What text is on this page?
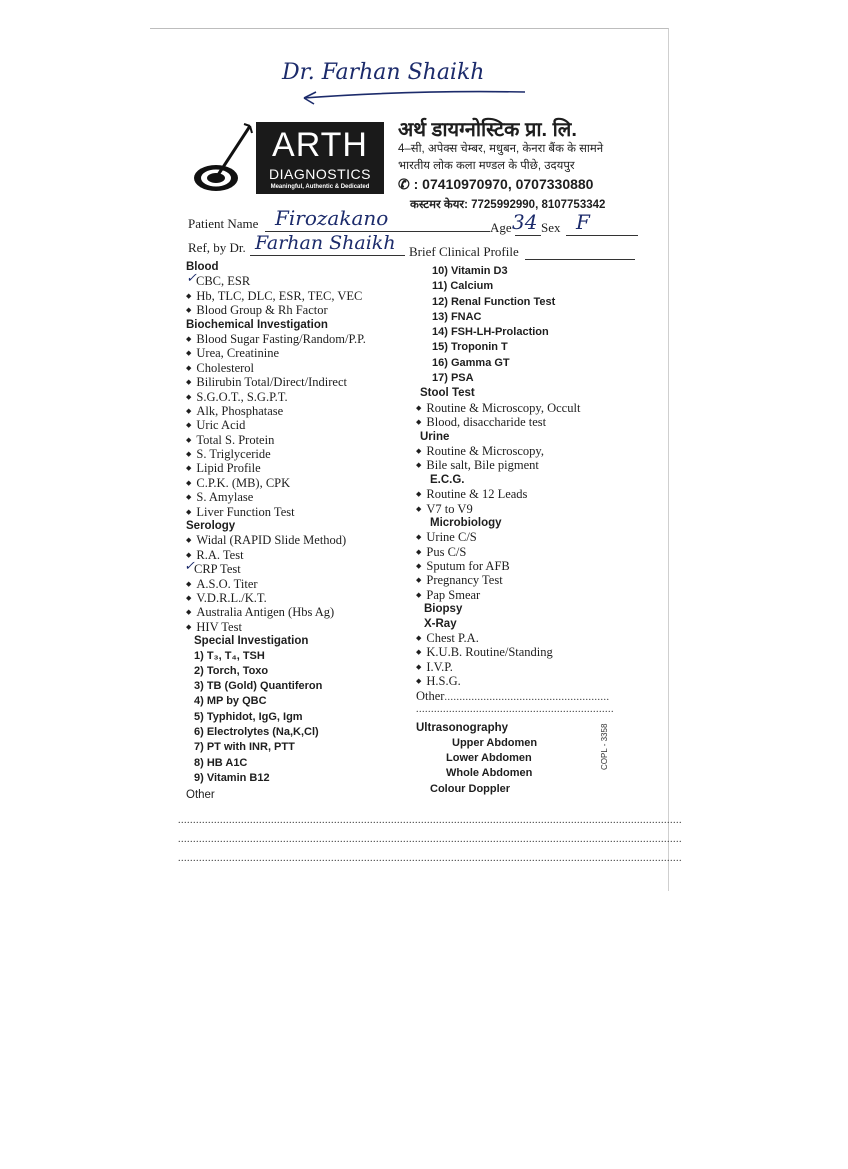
Dr. Farhan Shaikh
ARTH
DIAGNOSTICS
Meaningful, Authentic & Dedicated
अर्थ डायग्नोस्टिक प्रा. लि.
4–सी, अपेक्स चेम्बर, मधुबन, केनरा बैंक के सामने
भारतीय लोक कला मण्डल के पीछे, उदयपुर
✆ : 07410970970, 0707330880
कस्टमर केयर: 7725992990, 8107753342
Patient Name Firozakano	Age 34 Sex F
Ref, by Dr. Farhan Shaikh Brief Clinical Profile
Blood
✓ CBC, ESR
◆ Hb, TLC, DLC, ESR, TEC, VEC
◆ Blood Group & Rh Factor
Biochemical Investigation
◆ Blood Sugar Fasting/Random/P.P.
◆ Urea, Creatinine
◆ Cholesterol
◆ Bilirubin Total/Direct/Indirect
◆ S.G.O.T., S.G.P.T.
◆ Alk, Phosphatase
◆ Uric Acid
◆ Total S. Protein
◆ S. Triglyceride
◆ Lipid Profile
◆ C.P.K. (MB), CPK
◆ S. Amylase
◆ Liver Function Test
Serology
◆ Widal (RAPID Slide Method)
◆ R.A. Test
✓ CRP Test
◆ A.S.O. Titer
◆ V.D.R.L./K.T.
◆ Australia Antigen (Hbs Ag)
◆ HIV Test
Special Investigation
1) T₃, T₄, TSH
2) Torch, Toxo
3) TB (Gold) Quantiferon
4) MP by QBC
5) Typhidot, IgG, Igm
6) Electrolytes (Na,K,Cl)
7) PT with INR, PTT
8) HB A1C
9) Vitamin B12
Other
........................................................................................................................................................................
........................................................................................................................................................................
........................................................................................................................................................................
10) Vitamin D3
11) Calcium
12) Renal Function Test
13) FNAC
14) FSH-LH-Prolaction
15) Troponin T
16) Gamma GT
17) PSA
Stool Test
◆ Routine & Microscopy, Occult
◆ Blood, disaccharide test
Urine
◆ Routine & Microscopy,
◆ Bile salt, Bile pigment
E.C.G.
◆ Routine & 12 Leads
◆ V7 to V9
Microbiology
◆ Urine C/S
◆ Pus C/S
◆ Sputum for AFB
◆ Pregnancy Test
◆ Pap Smear
Biopsy
X-Ray
◆ Chest P.A.
◆ K.U.B. Routine/Standing
◆ I.V.P.
◆ H.S.G.
Other.......................................................
..................................................................
Ultrasonography
Upper Abdomen
Lower Abdomen
Whole Abdomen
Colour Doppler
COPL - 3358
